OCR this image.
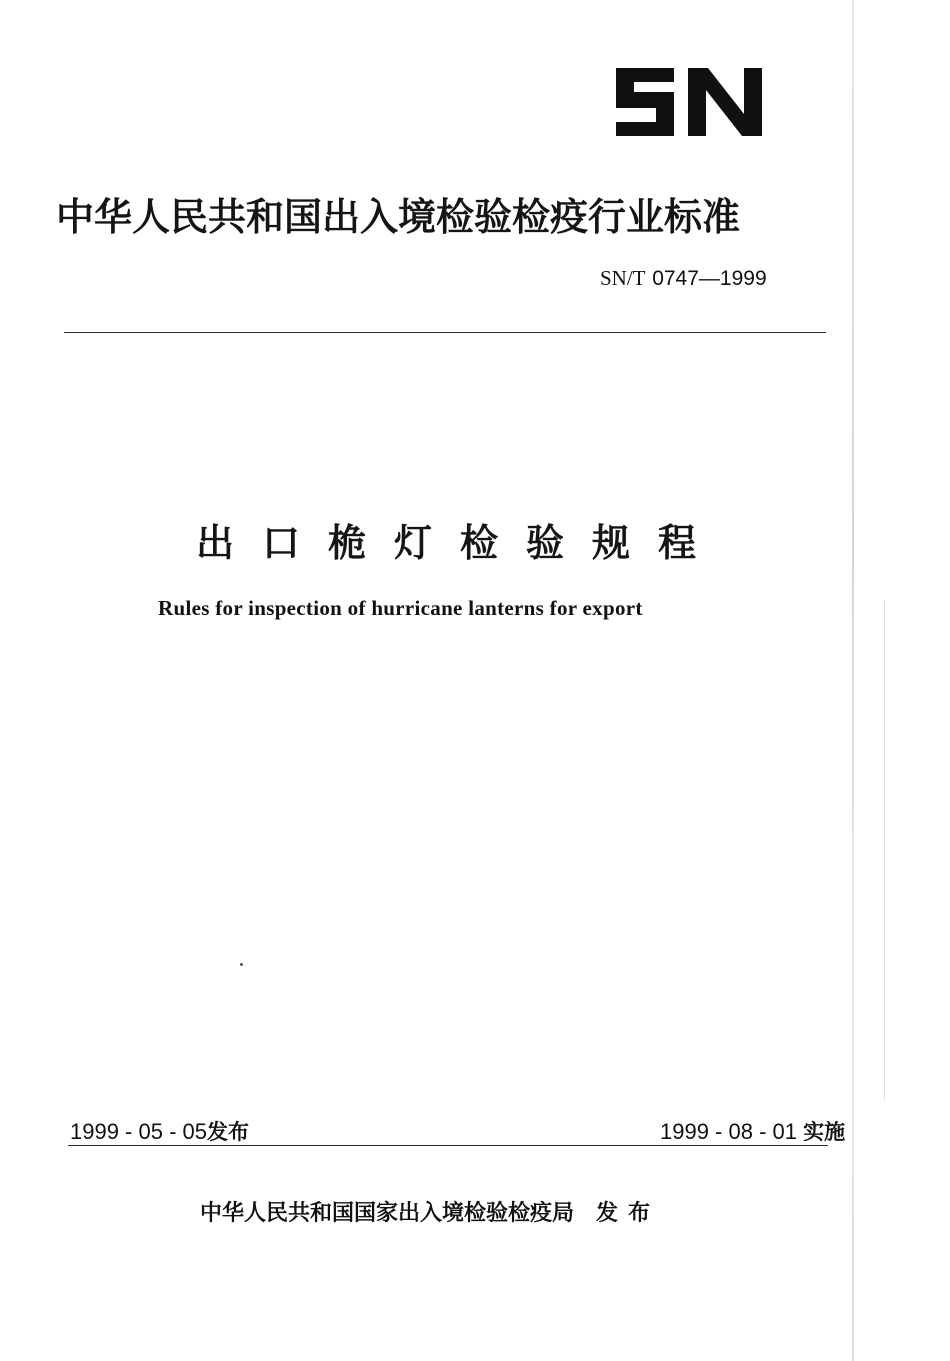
中华人民共和国出入境检验检疫行业标准
SN/T 0747—1999
出口桅灯检验规程
Rules for inspection of hurricane lanterns for export
1999 - 05 - 05发布	1999 - 08 - 01 实施
中华人民共和国国家出入境检验检疫局 发布
